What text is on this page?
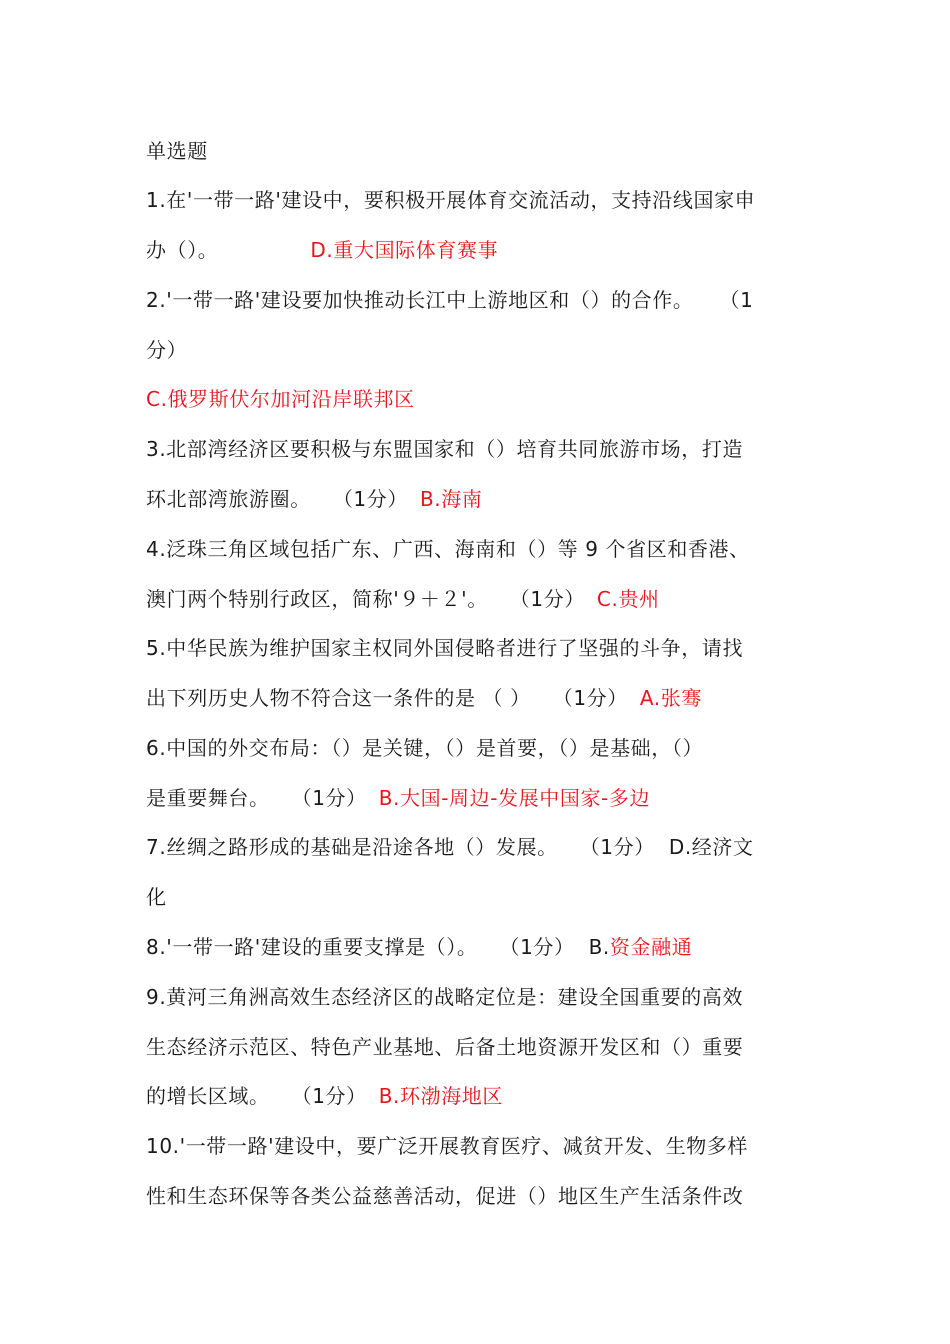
单选题
1.在'一带一路'建设中，要积极开展体育交流活动，支持沿线国家申
办（）。	D.重大国际体育赛事
2.'一带一路'建设要加快推动长江中上游地区和（）的合作。 （1
分）
C.俄罗斯伏尔加河沿岸联邦区
3.北部湾经济区要积极与东盟国家和（）培育共同旅游市场，打造
环北部湾旅游圈。 （1分） B.海南
4.泛珠三角区域包括广东、广西、海南和（）等 9 个省区和香港、
澳门两个特别行政区，简称'９＋２'。 （1分） C.贵州
5.中华民族为维护国家主权同外国侵略者进行了坚强的斗争，请找
出下列历史人物不符合这一条件的是 （ ） （1分） A.张骞
6.中国的外交布局：（）是关键，（）是首要，（）是基础，（）
是重要舞台。 （1分） B.大国-周边-发展中国家-多边
7.丝绸之路形成的基础是沿途各地（）发展。 （1分） D.经济文
化
8.'一带一路'建设的重要支撑是（）。 （1分） B.资金融通
9.黄河三角洲高效生态经济区的战略定位是：建设全国重要的高效
生态经济示范区、特色产业基地、后备土地资源开发区和（）重要
的增长区域。 （1分） B.环渤海地区
10.'一带一路'建设中，要广泛开展教育医疗、减贫开发、生物多样
性和生态环保等各类公益慈善活动，促进（）地区生产生活条件改
